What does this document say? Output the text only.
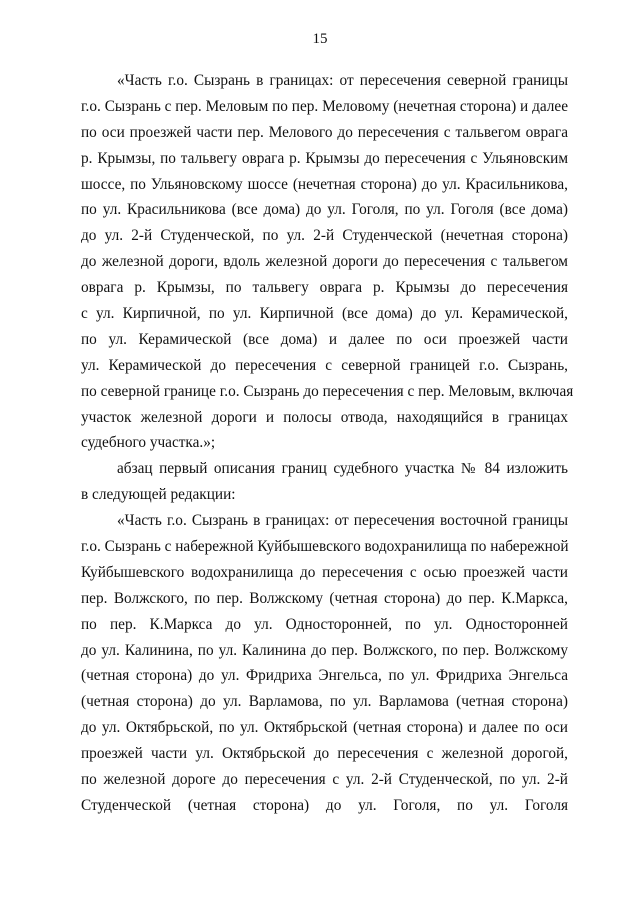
15
«Часть г.о. Сызрань в границах: от пересечения северной границы
г.о. Сызрань с пер. Меловым по пер. Меловому (нечетная сторона) и далее
по оси проезжей части пер. Мелового до пересечения с тальвегом оврага
р. Крымзы, по тальвегу оврага р. Крымзы до пересечения с Ульяновским
шоссе, по Ульяновскому шоссе (нечетная сторона) до ул. Красильникова,
по ул. Красильникова (все дома) до ул. Гоголя, по ул. Гоголя (все дома)
до ул. 2-й Студенческой, по ул. 2-й Студенческой (нечетная сторона)
до железной дороги, вдоль железной дороги до пересечения с тальвегом
оврага р. Крымзы, по тальвегу оврага р. Крымзы до пересечения
с ул. Кирпичной, по ул. Кирпичной (все дома) до ул. Керамической,
по ул. Керамической (все дома) и далее по оси проезжей части
ул. Керамической до пересечения с северной границей г.о. Сызрань,
по северной границе г.о. Сызрань до пересечения с пер. Меловым, включая
участок железной дороги и полосы отвода, находящийся в границах
судебного участка.»;
абзац первый описания границ судебного участка № 84 изложить
в следующей редакции:
«Часть г.о. Сызрань в границах: от пересечения восточной границы
г.о. Сызрань с набережной Куйбышевского водохранилища по набережной
Куйбышевского водохранилища до пересечения с осью проезжей части
пер. Волжского, по пер. Волжскому (четная сторона) до пер. К.Маркса,
по пер. К.Маркса до ул. Односторонней, по ул. Односторонней
до ул. Калинина, по ул. Калинина до пер. Волжского, по пер. Волжскому
(четная сторона) до ул. Фридриха Энгельса, по ул. Фридриха Энгельса
(четная сторона) до ул. Варламова, по ул. Варламова (четная сторона)
до ул. Октябрьской, по ул. Октябрьской (четная сторона) и далее по оси
проезжей части ул. Октябрьской до пересечения с железной дорогой,
по железной дороге до пересечения с ул. 2-й Студенческой, по ул. 2-й
Студенческой (четная сторона) до ул. Гоголя, по ул. Гоголя
